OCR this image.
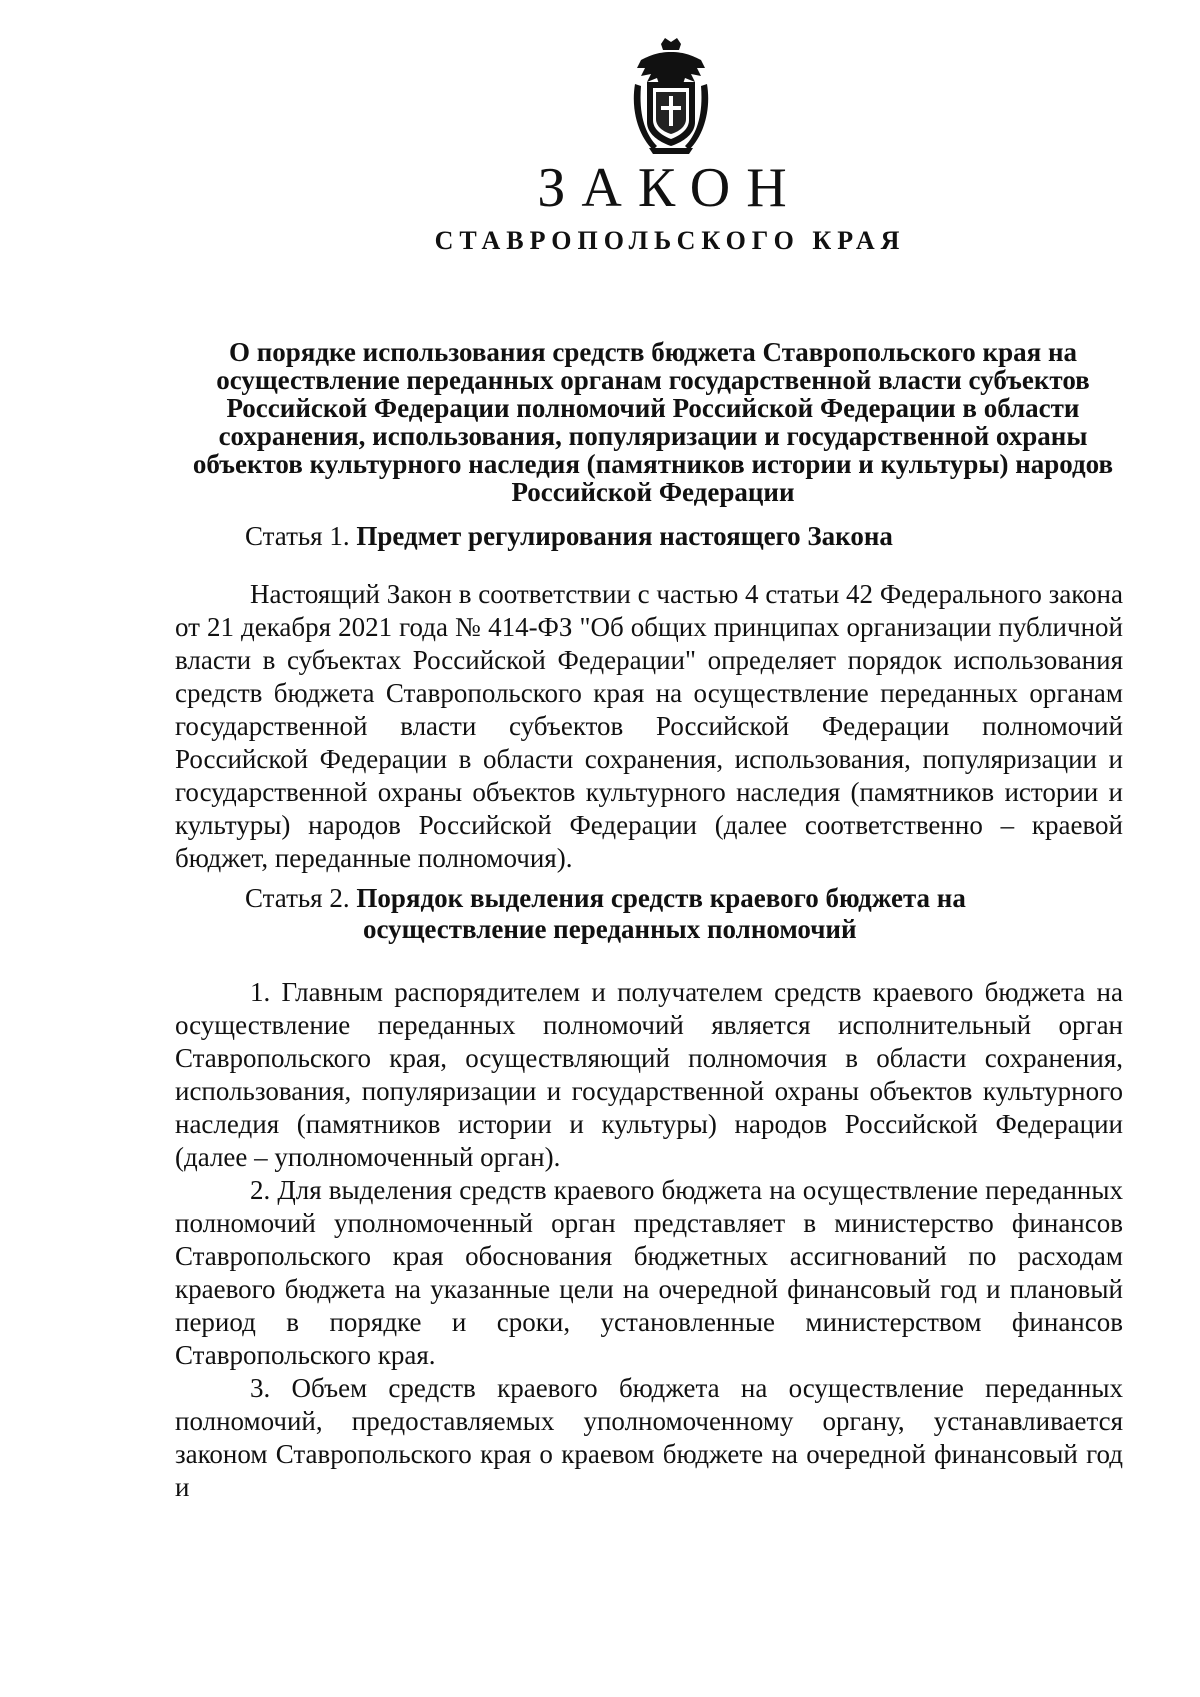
ЗАКОН
СТАВРОПОЛЬСКОГО КРАЯ
О порядке использования средств бюджета Ставропольского края на осуществление переданных органам государственной власти субъектов Российской Федерации полномочий Российской Федерации в области сохранения, использования, популяризации и государственной охраны объектов культурного наследия (памятников истории и культуры) народов Российской Федерации
Статья 1. Предмет регулирования настоящего Закона

Настоящий Закон в соответствии с частью 4 статьи 42 Федерального закона от 21 декабря 2021 года № 414-ФЗ "Об общих принципах организации публичной власти в субъектах Российской Федерации" определяет порядок использования средств бюджета Ставропольского края на осуществление переданных органам государственной власти субъектов Российской Федерации полномочий Российской Федерации в области сохранения, использования, популяризации и государственной охраны объектов культурного наследия (памятников истории и культуры) народов Российской Федерации (далее соответственно – краевой бюджет, переданные полномочия).

Статья 2. Порядок выделения средств краевого бюджета на
осуществление переданных полномочий

1. Главным распорядителем и получателем средств краевого бюджета на осуществление переданных полномочий является исполнительный орган Ставропольского края, осуществляющий полномочия в области сохранения, использования, популяризации и государственной охраны объектов культурного наследия (памятников истории и культуры) народов Российской Федерации (далее – уполномоченный орган).

2. Для выделения средств краевого бюджета на осуществление переданных полномочий уполномоченный орган представляет в министерство финансов Ставропольского края обоснования бюджетных ассигнований по расходам краевого бюджета на указанные цели на очередной финансовый год и плановый период в порядке и сроки, установленные министерством финансов Ставропольского края.

3. Объем средств краевого бюджета на осуществление переданных полномочий, предоставляемых уполномоченному органу, устанавливается законом Ставропольского края о краевом бюджете на очередной финансовый год и
